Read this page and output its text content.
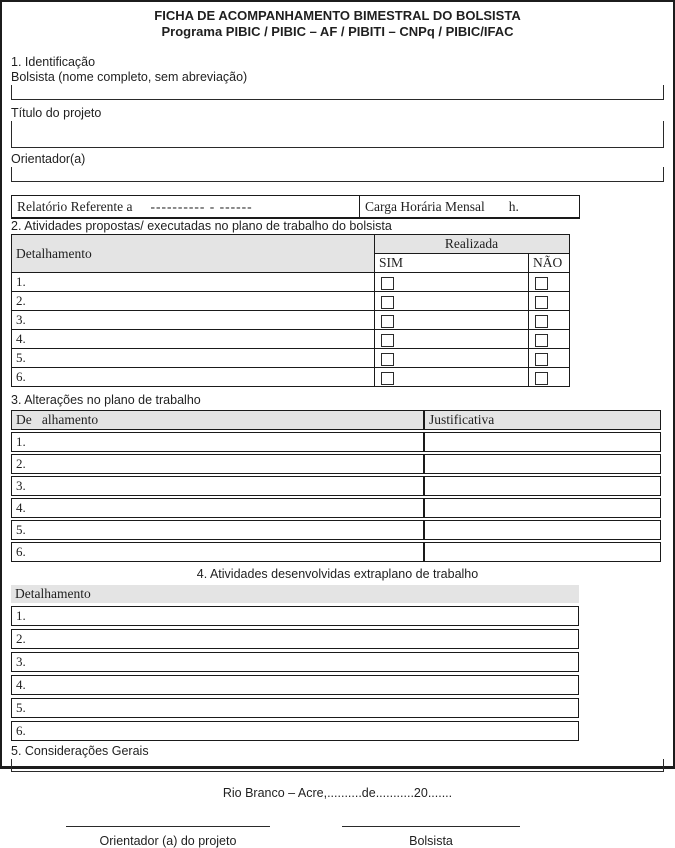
FICHA DE ACOMPANHAMENTO BIMESTRAL DO BOLSISTA
Programa PIBIC / PIBIC – AF / PIBITI – CNPq / PIBIC/IFAC
1. Identificação
Bolsista (nome completo, sem abreviação)
Título do projeto
Orientador(a)
Relatório Referente a ---------- - ------	Carga Horária Mensal h.
2. Atividades propostas/ executadas no plano de trabalho do bolsista
Detalhamento	Realizada	
	SIM	NÃO
1.		
2.		
3.		
4.		
5.		
6.		
3. Alterações no plano de trabalho
De   alhamento	Justificativa
1.	
2.	
3.	
4.	
5.	
6.	
4. Atividades desenvolvidas extraplano de trabalho
Detalhamento
1.
2.
3.
4.
5.
6.
5. Considerações Gerais
Rio Branco – Acre,..........de...........20.......
Orientador (a) do projeto	Bolsista
